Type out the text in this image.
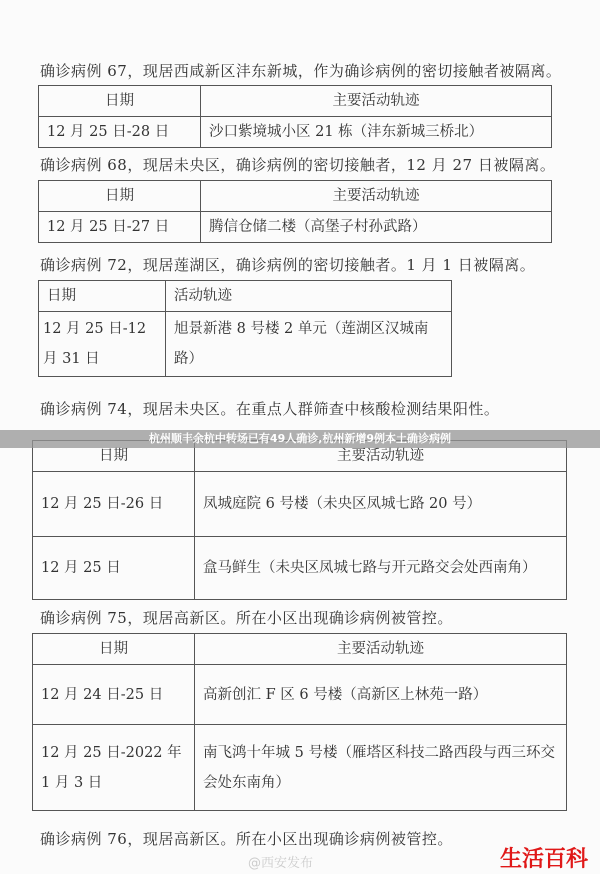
确诊病例 67，现居西咸新区沣东新城，作为确诊病例的密切接触者被隔离。
日期	主要活动轨迹
12 月 25 日-28 日	沙口紫境城小区 21 栋（沣东新城三桥北）
确诊病例 68，现居未央区，确诊病例的密切接触者，12 月 27 日被隔离。
日期	主要活动轨迹
12 月 25 日-27 日	腾信仓储二楼（高堡子村孙武路）
确诊病例 72，现居莲湖区，确诊病例的密切接触者。1 月 1 日被隔离。
日期	活动轨迹
12 月 25 日-12 月 31 日	旭景新港 8 号楼 2 单元（莲湖区汉城南路）
确诊病例 74，现居未央区。在重点人群筛查中核酸检测结果阳性。
日期	主要活动轨迹
12 月 25 日-26 日	凤城庭院 6 号楼（未央区凤城七路 20 号）
12 月 25 日	盒马鲜生（未央区凤城七路与开元路交会处西南角）
杭州顺丰余杭中转场已有49人确诊,杭州新增9例本土确诊病例
确诊病例 75，现居高新区。所在小区出现确诊病例被管控。
日期	主要活动轨迹
12 月 24 日-25 日	高新创汇 F 区 6 号楼（高新区上林苑一路）
12 月 25 日-2022 年 1 月 3 日	南飞鸿十年城 5 号楼（雁塔区科技二路西段与西三环交会处东南角）
确诊病例 76，现居高新区。所在小区出现确诊病例被管控。
@西安发布	生活百科
